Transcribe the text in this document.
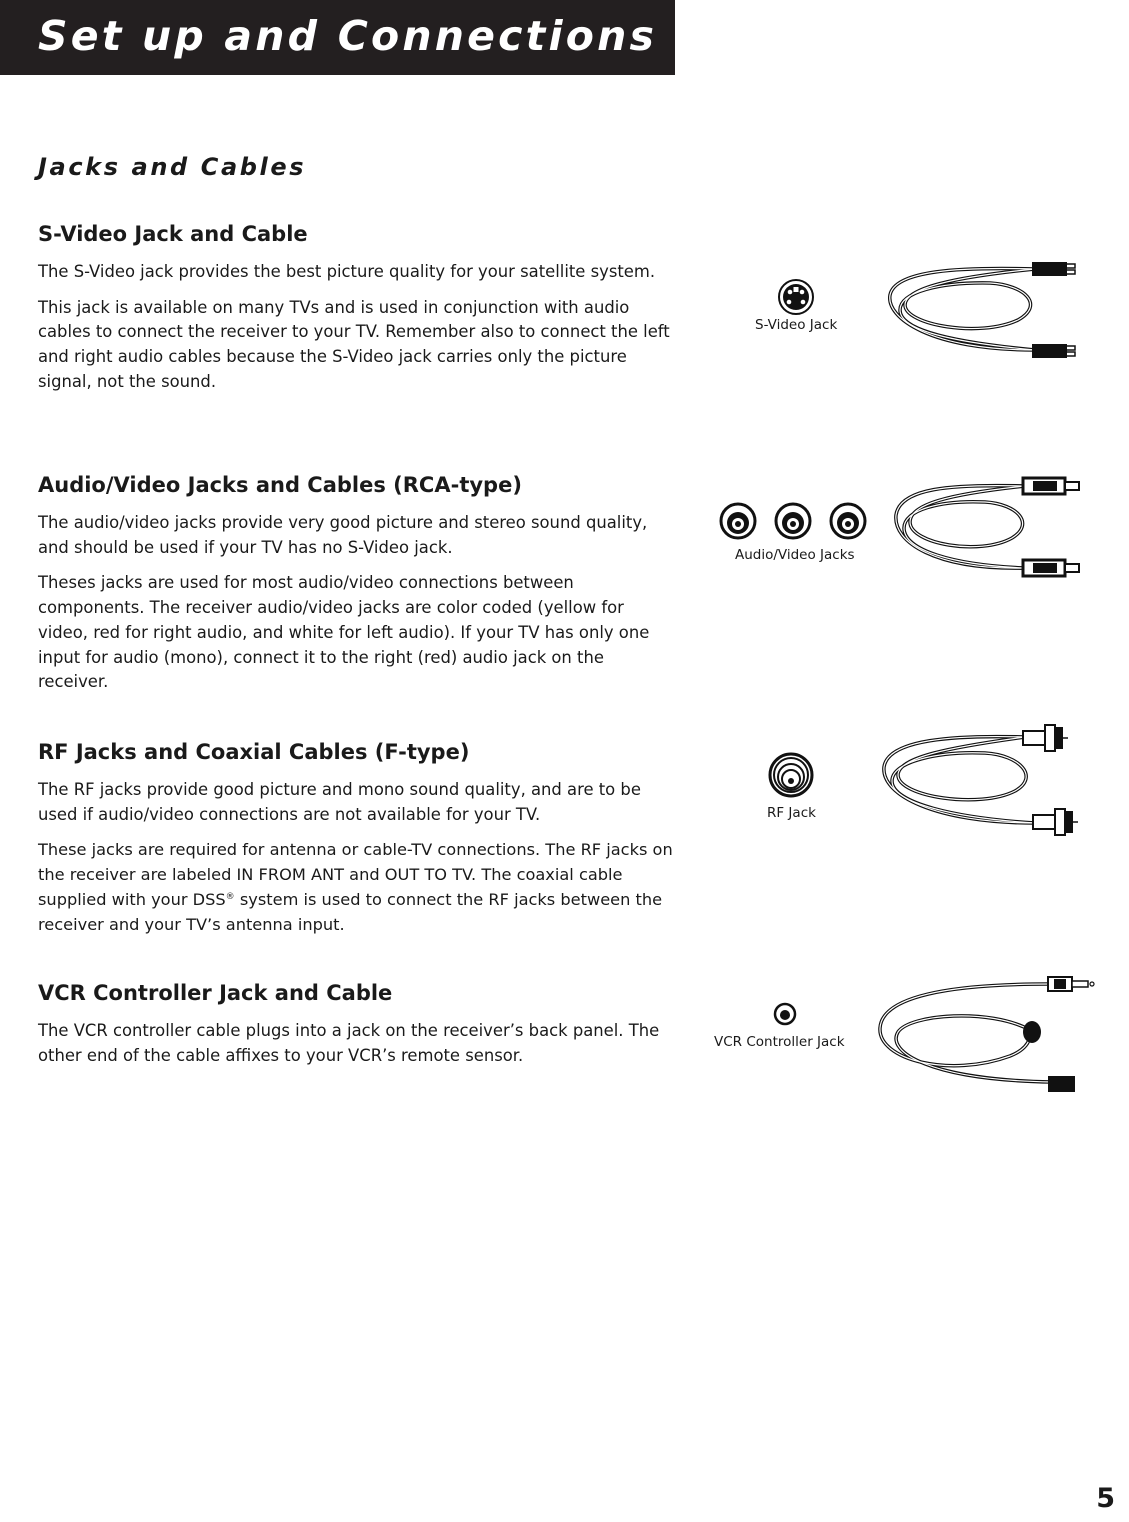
Set up and Connections
Jacks and Cables
S-Video Jack and Cable

The S-Video jack provides the best picture quality for your satellite system.

This jack is available on many TVs and is used in conjunction with audio cables to connect the receiver to your TV. Remember also to connect the left and right audio cables because the S-Video jack carries only the picture signal, not the sound.

Audio/Video Jacks and Cables (RCA-type)

The audio/video jacks provide very good picture and stereo sound quality, and should be used if your TV has no S-Video jack.

Theses jacks are used for most audio/video connections between components. The receiver audio/video jacks are color coded (yellow for video, red for right audio, and white for left audio). If your TV has only one input for audio (mono), connect it to the right (red) audio jack on the receiver.

RF Jacks and Coaxial Cables (F-type)

The RF jacks provide good picture and mono sound quality, and are to be used if audio/video connections are not available for your TV.

These jacks are required for antenna or cable-TV connections. The RF jacks on the receiver are labeled IN FROM ANT and OUT TO TV. The coaxial cable supplied with your DSS® system is used to connect the RF jacks between the receiver and your TV’s antenna input.

VCR Controller Jack and Cable

The VCR controller cable plugs into a jack on the receiver’s back panel. The other end of the cable affixes to your VCR’s remote sensor.

S-Video Jack
Audio/Video Jacks
RF Jack
VCR Controller Jack
5
